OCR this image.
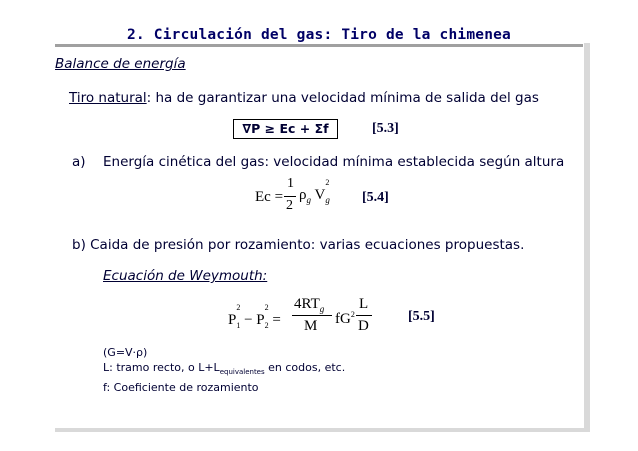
2. Circulación del gas: Tiro de la chimenea
Balance de energía
Tiro natural: ha de garantizar una velocidad mínima de salida del gas
∇P ≥ Ec + Σf	[5.3]
a) Energía cinética del gas: velocidad mínima establecida según altura
Ec =
1
2
$\rho_g$ V
2
$_g$ [5.4]
b) Caida de presión por rozamiento: varias ecuaciones propuestas.
Ecuación de Weymouth:
P
2
$_1$ − P
2
$_2$ =
$4RT_g$
M $fG^2$
L
D
[5.5]
(G=V·ρ)
L: tramo recto, o $L+L_{equivalentes}$ en codos, etc.
f: Coeficiente de rozamiento
